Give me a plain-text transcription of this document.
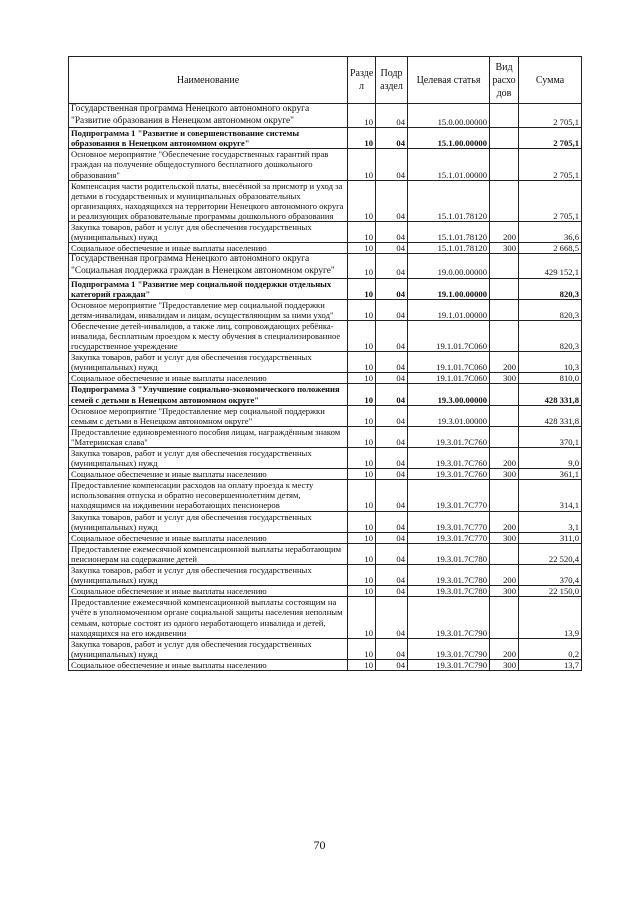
Наименование	Разде л	Подр аздел	Целевая статья	Вид расхо дов	Сумма
Государственная программа Ненецкого автономного округа "Развитие образования в Ненецком автономном округе"	10	04	15.0.00.00000		2 705,1
Подпрограмма 1 "Развитие и совершенствование системы образования в Ненецком автономном округе"	10	04	15.1.00.00000		2 705,1
Основное мероприятие "Обеспечение государственных гарантий прав граждан на получение общедоступного бесплатного дошкольного образования"	10	04	15.1.01.00000		2 705,1
Компенсация части родительской платы, внесённой за присмотр и уход за детьми в государственных и муниципальных образовательных организациях, находящихся на территории Ненецкого автономного округа и реализующих образовательные программы дошкольного образования	10	04	15.1.01.78120		2 705,1
Закупка товаров, работ и услуг для обеспечения государственных (муниципальных) нужд	10	04	15.1.01.78120	200	36,6
Социальное обеспечение и иные выплаты населению	10	04	15.1.01.78120	300	2 668,5
Государственная программа Ненецкого автономного округа "Социальная поддержка граждан в Ненецком автономном округе"	10	04	19.0.00.00000		429 152,1
Подпрограмма 1 "Развитие мер социальной поддержки отдельных категорий граждан"	10	04	19.1.00.00000		820,3
Основное мероприятие "Предоставление мер социальной поддержки детям-инвалидам, инвалидам и лицам, осуществляющим за ними уход"	10	04	19.1.01.00000		820,3
Обеспечение детей-инвалидов, а также лиц, сопровождающих ребёнка-инвалида, бесплатным проездом к месту обучения в специализированное государственное учреждение	10	04	19.1.01.7C060		820,3
Закупка товаров, работ и услуг для обеспечения государственных (муниципальных) нужд	10	04	19.1.01.7C060	200	10,3
Социальное обеспечение и иные выплаты населению	10	04	19.1.01.7C060	300	810,0
Подпрограмма 3 "Улучшение социально-экономического положения семей с детьми в Ненецком автономном округе"	10	04	19.3.00.00000		428 331,8
Основное мероприятие "Предоставление мер социальной поддержки семьям с детьми в Ненецком автономном округе"	10	04	19.3.01.00000		428 331,8
Предоставление единовременного пособия лицам, награждённым знаком "Материнская слава"	10	04	19.3.01.7C760		370,1
Закупка товаров, работ и услуг для обеспечения государственных (муниципальных) нужд	10	04	19.3.01.7C760	200	9,0
Социальное обеспечение и иные выплаты населению	10	04	19.3.01.7C760	300	361,1
Предоставление компенсации расходов на оплату проезда к месту использования отпуска и обратно несовершеннолетним детям, находящимся на иждивении неработающих пенсионеров	10	04	19.3.01.7C770		314,1
Закупка товаров, работ и услуг для обеспечения государственных (муниципальных) нужд	10	04	19.3.01.7C770	200	3,1
Социальное обеспечение и иные выплаты населению	10	04	19.3.01.7C770	300	311,0
Предоставление ежемесячной компенсационной выплаты неработающим пенсионерам на содержание детей	10	04	19.3.01.7C780		22 520,4
Закупка товаров, работ и услуг для обеспечения государственных (муниципальных) нужд	10	04	19.3.01.7C780	200	370,4
Социальное обеспечение и иные выплаты населению	10	04	19.3.01.7C780	300	22 150,0
Предоставление ежемесячной компенсационной выплаты состоящим на учёте в уполномоченном органе социальной защиты населения неполным семьям, которые состоят из одного неработающего инвалида и детей, находящихся на его иждивении	10	04	19.3.01.7C790		13,9
Закупка товаров, работ и услуг для обеспечения государственных (муниципальных) нужд	10	04	19.3.01.7C790	200	0,2
Социальное обеспечение и иные выплаты населению	10	04	19.3.01.7C790	300	13,7
70
